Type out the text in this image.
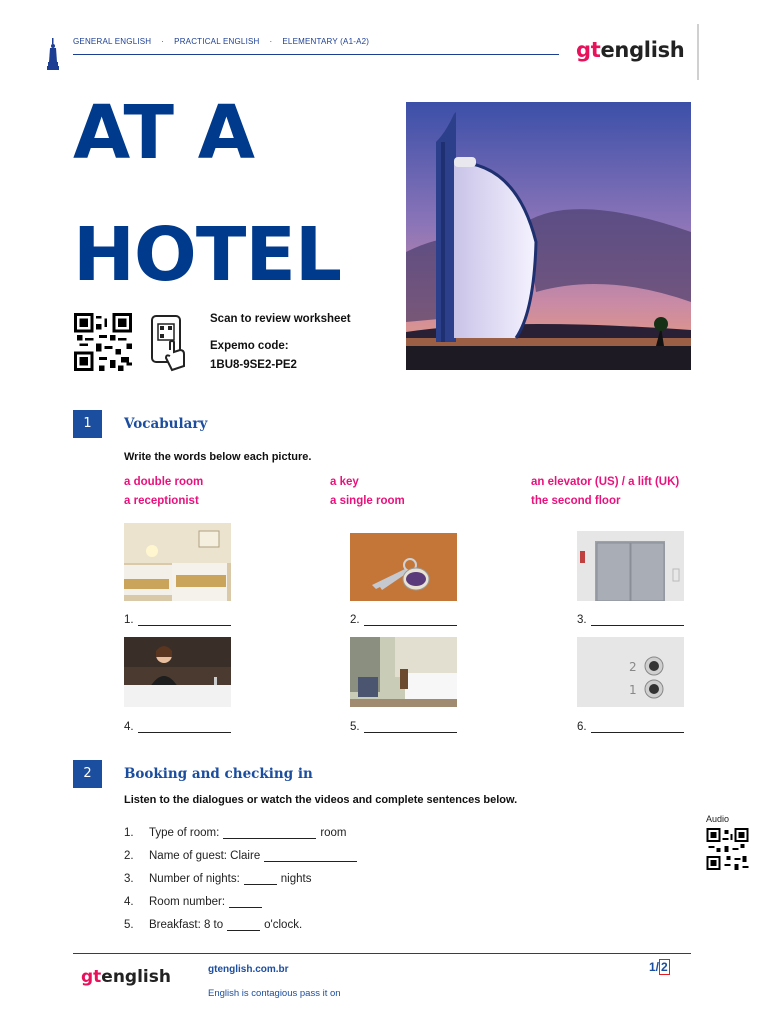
GENERAL ENGLISH · PRACTICAL ENGLISH · ELEMENTARY (A1-A2)	gtenglish
AT A
HOTEL
Scan to review worksheet
Expemo code:
1BU8-9SE2-PE2
1	Vocabulary
Write the words below each picture.
a double room	a key	an elevator (US) / a lift (UK)
a receptionist	a single room	the second floor
1.	2.	3.
2
1
4.	5.	6.
2	Booking and checking in
Listen to the dialogues or watch the videos and complete sentences below.
1.	Type of room:	room
2.	Name of guest: Claire
3.	Number of nights:	nights
4.	Room number:
5.	Breakfast: 8 to	o'clock.
Audio
gtenglish	gtenglish.com.br
English is contagious pass it on
1/ 2
